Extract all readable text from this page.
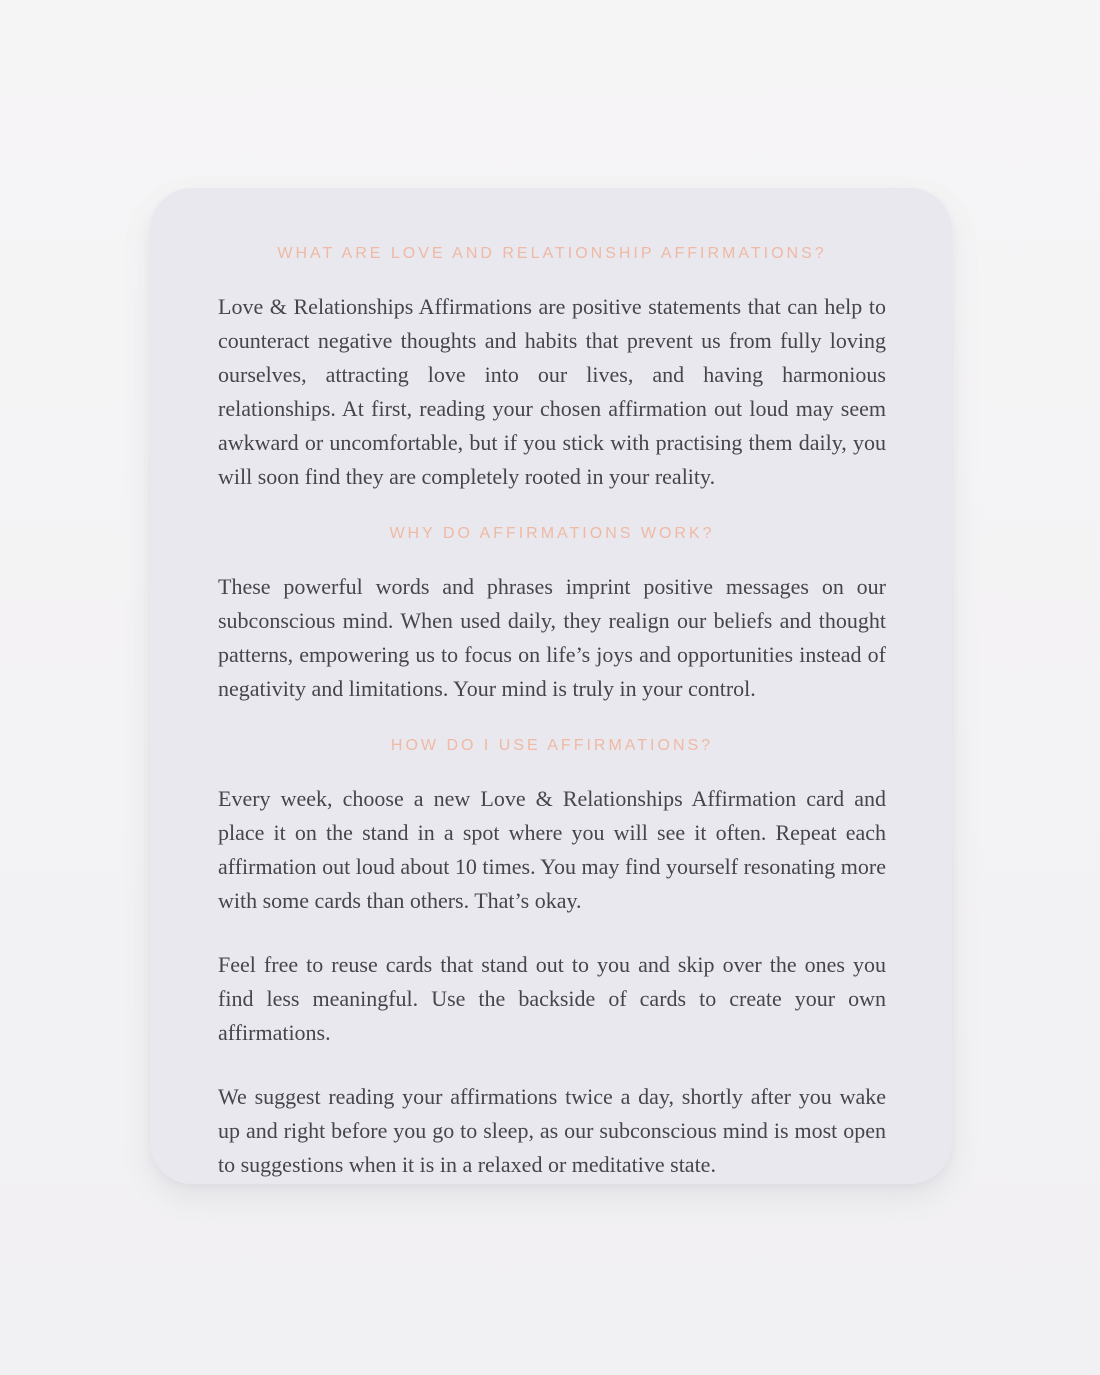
WHAT ARE LOVE AND RELATIONSHIP AFFIRMATIONS?

Love & Relationships Affirmations are positive statements that can help to counteract negative thoughts and habits that prevent us from fully loving ourselves, attracting love into our lives, and having harmonious relationships. At first, reading your chosen affirmation out loud may seem awkward or uncomfortable, but if you stick with practising them daily, you will soon find they are completely rooted in your reality.

WHY DO AFFIRMATIONS WORK?

These powerful words and phrases imprint positive messages on our subconscious mind. When used daily, they realign our beliefs and thought patterns, empowering us to focus on life’s joys and opportunities instead of negativity and limitations. Your mind is truly in your control.

HOW DO I USE AFFIRMATIONS?

Every week, choose a new Love & Relationships Affirmation card and place it on the stand in a spot where you will see it often. Repeat each affirmation out loud about 10 times. You may find yourself resonating more with some cards than others. That’s okay.

Feel free to reuse cards that stand out to you and skip over the ones you find less meaningful. Use the backside of cards to create your own affirmations.

We suggest reading your affirmations twice a day, shortly after you wake up and right before you go to sleep, as our subconscious mind is most open to suggestions when it is in a relaxed or meditative state.
